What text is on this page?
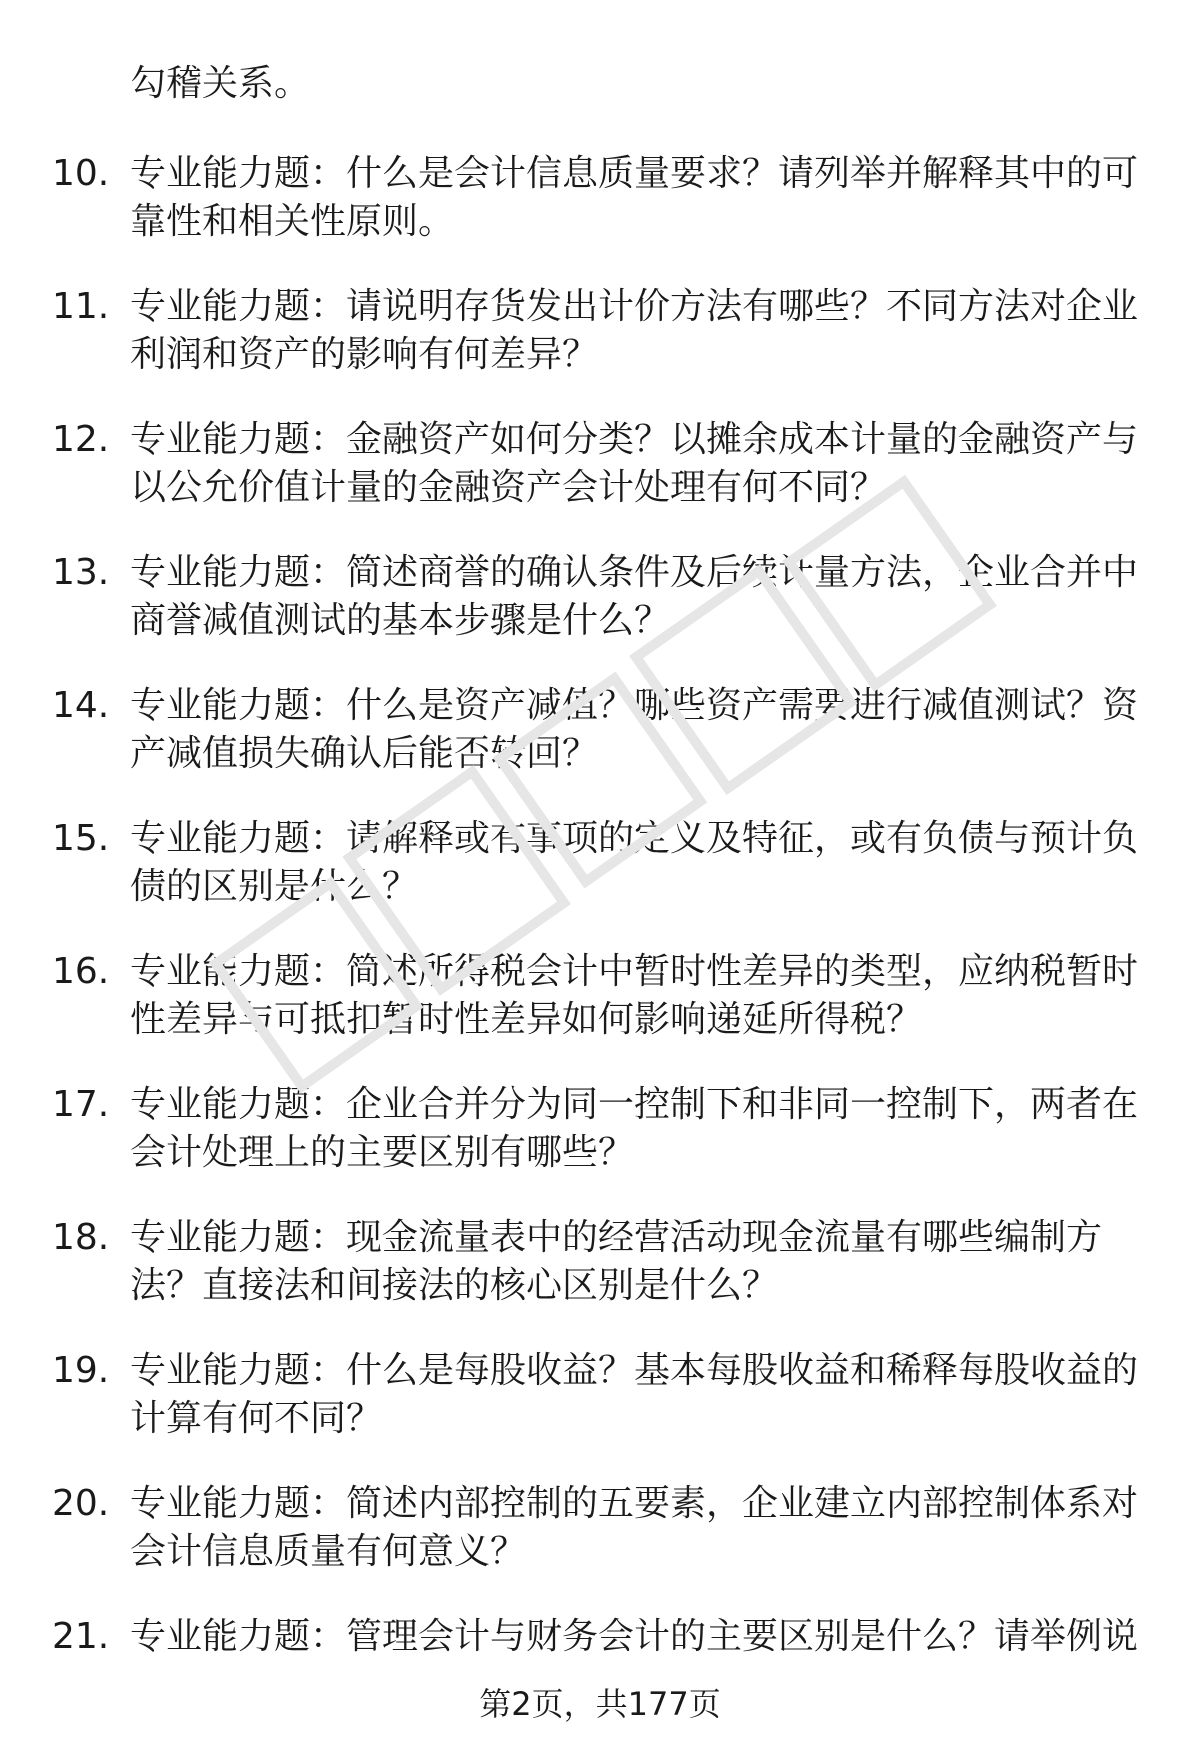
勾稽关系。

10. 专业能力题：什么是会计信息质量要求？请列举并解释其中的可靠性和相关性原则。

11. 专业能力题：请说明存货发出计价方法有哪些？不同方法对企业利润和资产的影响有何差异？

12. 专业能力题：金融资产如何分类？以摊余成本计量的金融资产与以公允价值计量的金融资产会计处理有何不同？

13. 专业能力题：简述商誉的确认条件及后续计量方法，企业合并中商誉减值测试的基本步骤是什么？

14. 专业能力题：什么是资产减值？哪些资产需要进行减值测试？资产减值损失确认后能否转回？

15. 专业能力题：请解释或有事项的定义及特征，或有负债与预计负债的区别是什么？

16. 专业能力题：简述所得税会计中暂时性差异的类型，应纳税暂时性差异与可抵扣暂时性差异如何影响递延所得税？

17. 专业能力题：企业合并分为同一控制下和非同一控制下，两者在会计处理上的主要区别有哪些？

18. 专业能力题：现金流量表中的经营活动现金流量有哪些编制方法？直接法和间接法的核心区别是什么？

19. 专业能力题：什么是每股收益？基本每股收益和稀释每股收益的计算有何不同？

20. 专业能力题：简述内部控制的五要素，企业建立内部控制体系对会计信息质量有何意义？

21. 专业能力题：管理会计与财务会计的主要区别是什么？请举例说

第2页，共177页
